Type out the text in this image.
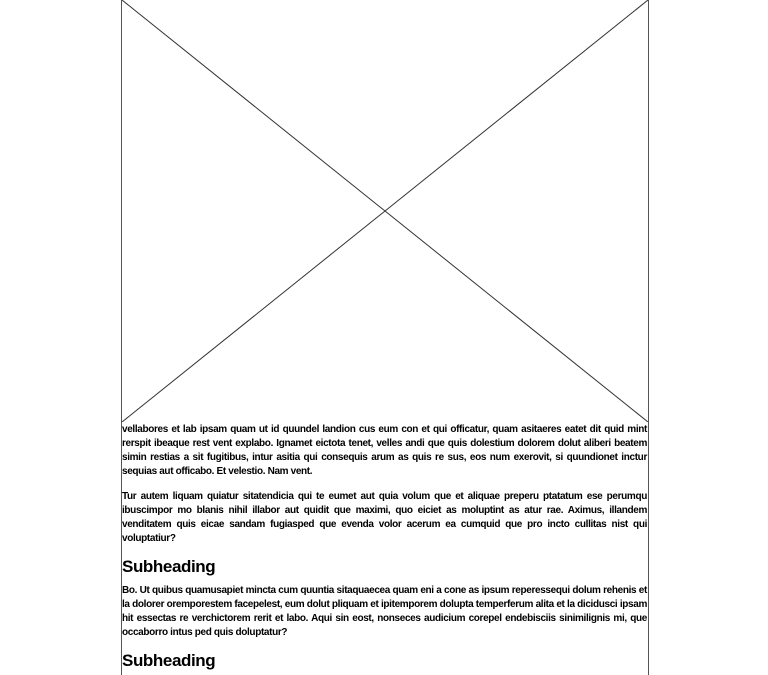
vellabores et lab ipsam quam ut id quundel landion cus eum con et qui officatur, quam asitaeres eatet dit quid mint rerspit ibeaque rest vent explabo. Ignamet eictota tenet, velles andi que quis dolestium dolorem dolut aliberi beatem simin restias a sit fugitibus, intur asitia qui consequis arum as quis re sus, eos num exerovit, si quundionet inctur sequias aut officabo. Et velestio. Nam vent.

Tur autem liquam quiatur sitatendicia qui te eumet aut quia volum que et aliquae preperu ptatatum ese perumqu ibuscimpor mo blanis nihil illabor aut quidit que maximi, quo eiciet as moluptint as atur rae. Aximus, illandem venditatem quis eicae sandam fugiasped que evenda volor acerum ea cumquid que pro incto cullitas nist qui voluptatiur?

Subheading

Bo. Ut quibus quamusapiet mincta cum quuntia sitaquaecea quam eni a cone as ipsum reperessequi dolum rehenis et la dolorer oremporestem facepelest, eum dolut pliquam et ipitemporem dolupta temperferum alita et la dicidusci ipsam hit essectas re verchictorem rerit et labo. Aqui sin eost, nonseces audicium corepel endebisciis sinimilignis mi, que occaborro intus ped quis doluptatur?

Subheading
